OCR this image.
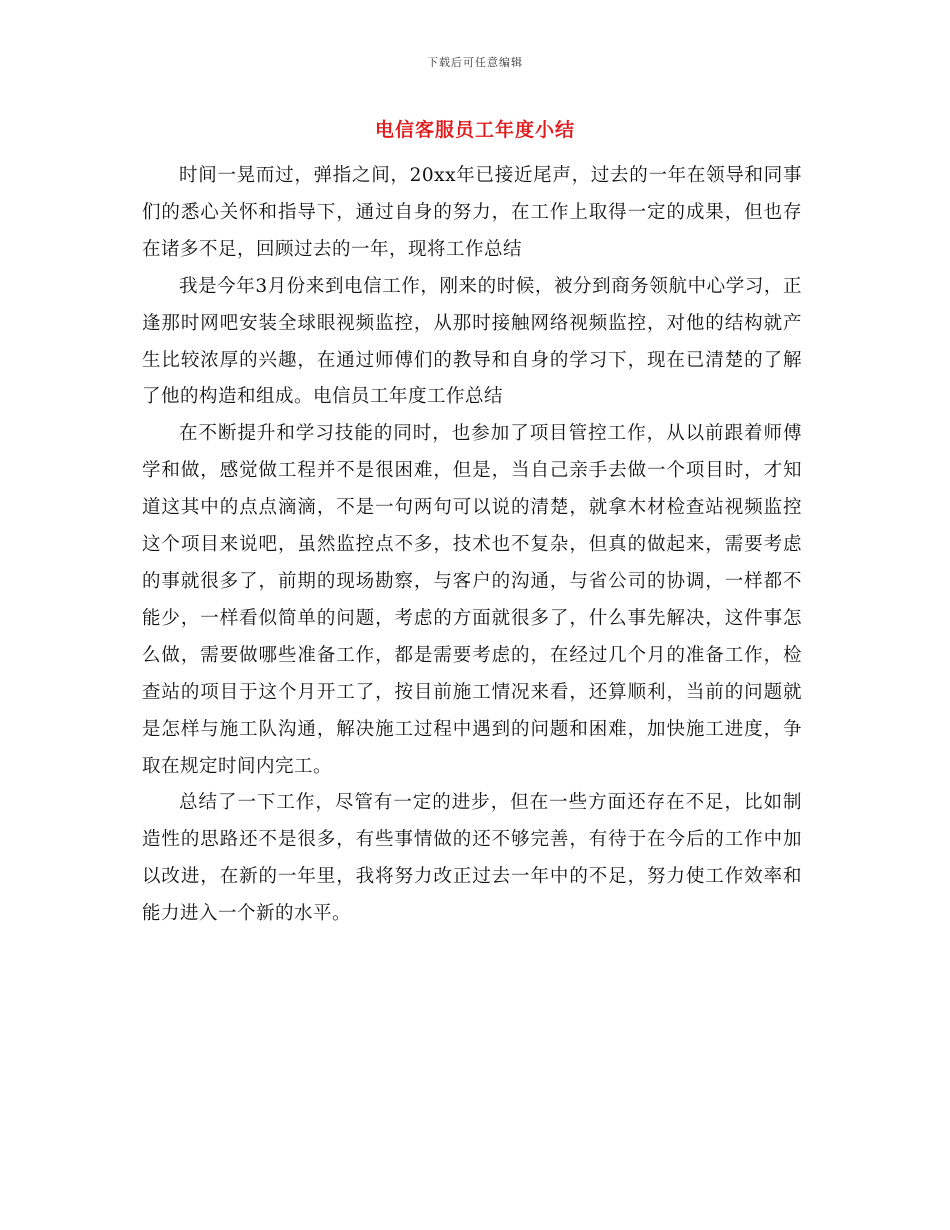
下载后可任意编辑
电信客服员工年度小结

时间一晃而过，弹指之间，20xx年已接近尾声，过去的一年在领导和同事们的悉心关怀和指导下，通过自身的努力，在工作上取得一定的成果，但也存在诸多不足，回顾过去的一年，现将工作总结

我是今年3月份来到电信工作，刚来的时候，被分到商务领航中心学习，正逢那时网吧安装全球眼视频监控，从那时接触网络视频监控，对他的结构就产生比较浓厚的兴趣，在通过师傅们的教导和自身的学习下，现在已清楚的了解了他的构造和组成。电信员工年度工作总结

在不断提升和学习技能的同时，也参加了项目管控工作，从以前跟着师傅学和做，感觉做工程并不是很困难，但是，当自己亲手去做一个项目时，才知道这其中的点点滴滴，不是一句两句可以说的清楚，就拿木材检查站视频监控这个项目来说吧，虽然监控点不多，技术也不复杂，但真的做起来，需要考虑的事就很多了，前期的现场勘察，与客户的沟通，与省公司的协调，一样都不能少，一样看似简单的问题，考虑的方面就很多了，什么事先解决，这件事怎么做，需要做哪些准备工作，都是需要考虑的，在经过几个月的准备工作，检查站的项目于这个月开工了，按目前施工情况来看，还算顺利，当前的问题就是怎样与施工队沟通，解决施工过程中遇到的问题和困难，加快施工进度，争取在规定时间内完工。

总结了一下工作，尽管有一定的进步，但在一些方面还存在不足，比如制造性的思路还不是很多，有些事情做的还不够完善，有待于在今后的工作中加以改进，在新的一年里，我将努力改正过去一年中的不足，努力使工作效率和能力进入一个新的水平。
